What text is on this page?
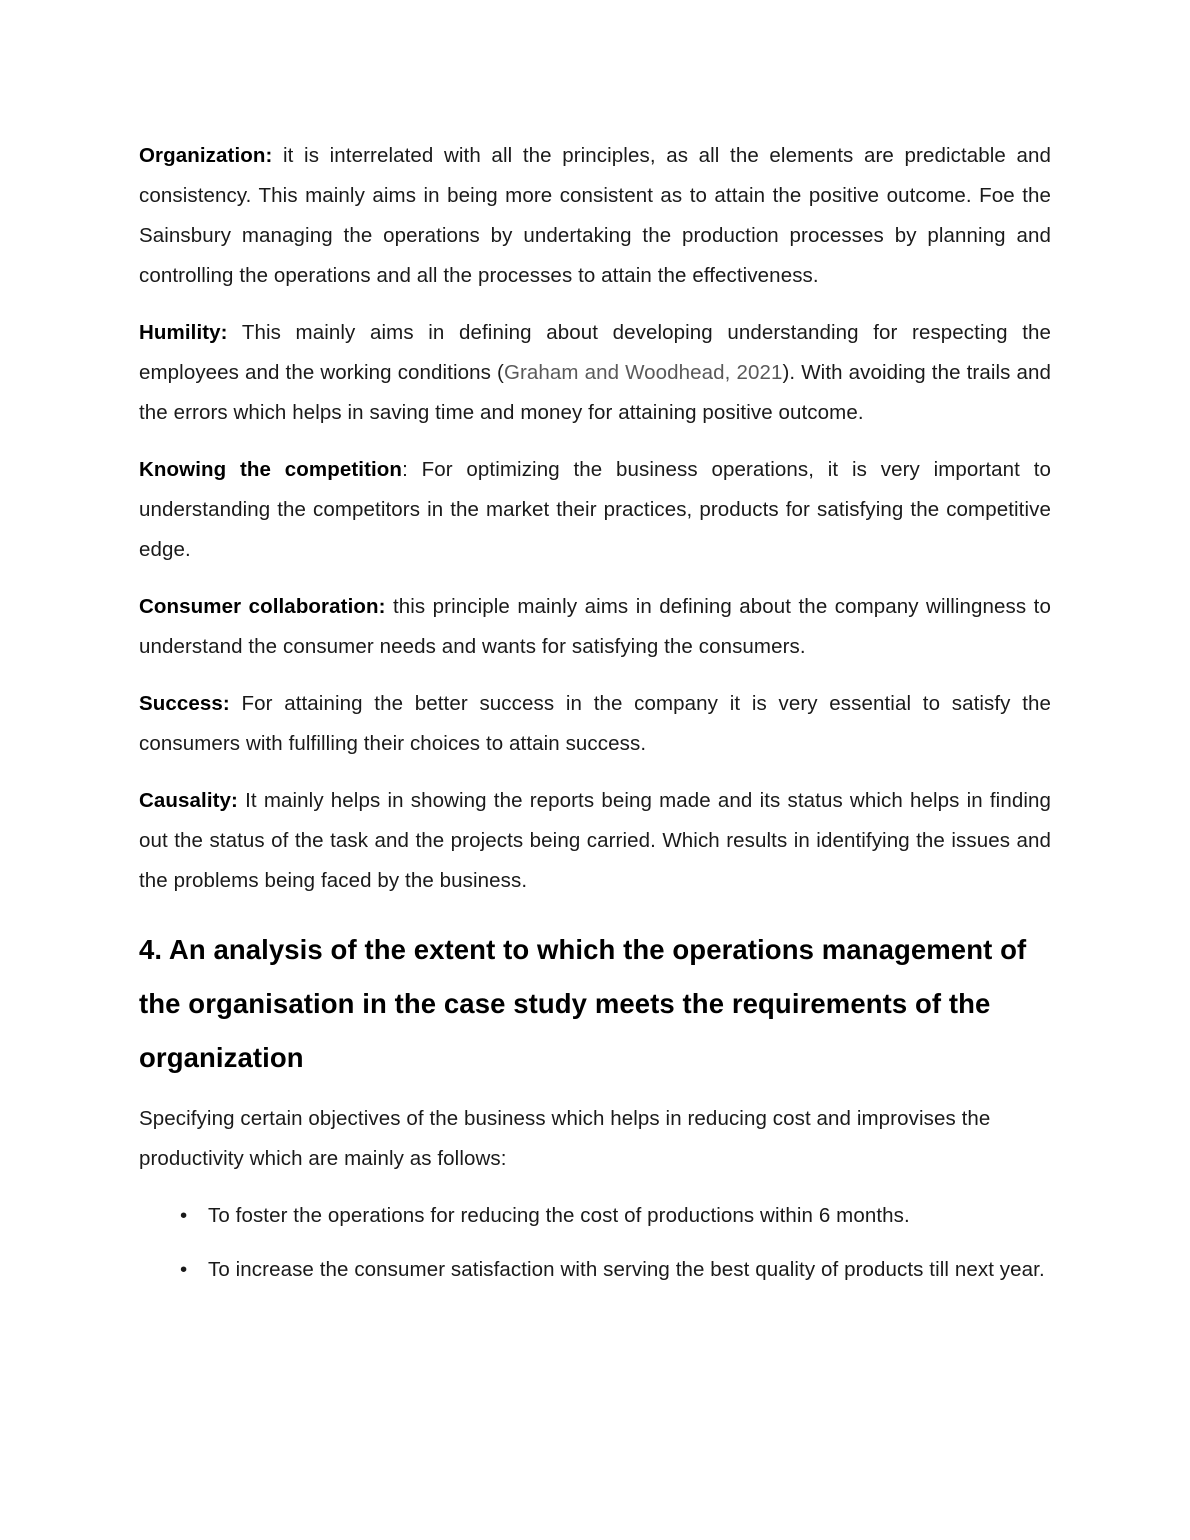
Organization: it is interrelated with all the principles, as all the elements are predictable and consistency. This mainly aims in being more consistent as to attain the positive outcome. Foe the Sainsbury managing the operations by undertaking the production processes by planning and controlling the operations and all the processes to attain the effectiveness.

Humility: This mainly aims in defining about developing understanding for respecting the employees and the working conditions (Graham and Woodhead, 2021). With avoiding the trails and the errors which helps in saving time and money for attaining positive outcome.

Knowing the competition: For optimizing the business operations, it is very important to understanding the competitors in the market their practices, products for satisfying the competitive edge.

Consumer collaboration: this principle mainly aims in defining about the company willingness to understand the consumer needs and wants for satisfying the consumers.

Success: For attaining the better success in the company it is very essential to satisfy the consumers with fulfilling their choices to attain success.

Causality: It mainly helps in showing the reports being made and its status which helps in finding out the status of the task and the projects being carried. Which results in identifying the issues and the problems being faced by the business.

4. An analysis of the extent to which the operations management of the organisation in the case study meets the requirements of the organization

Specifying certain objectives of the business which helps in reducing cost and improvises the productivity which are mainly as follows:

• To foster the operations for reducing the cost of productions within 6 months.
• To increase the consumer satisfaction with serving the best quality of products till next year.
